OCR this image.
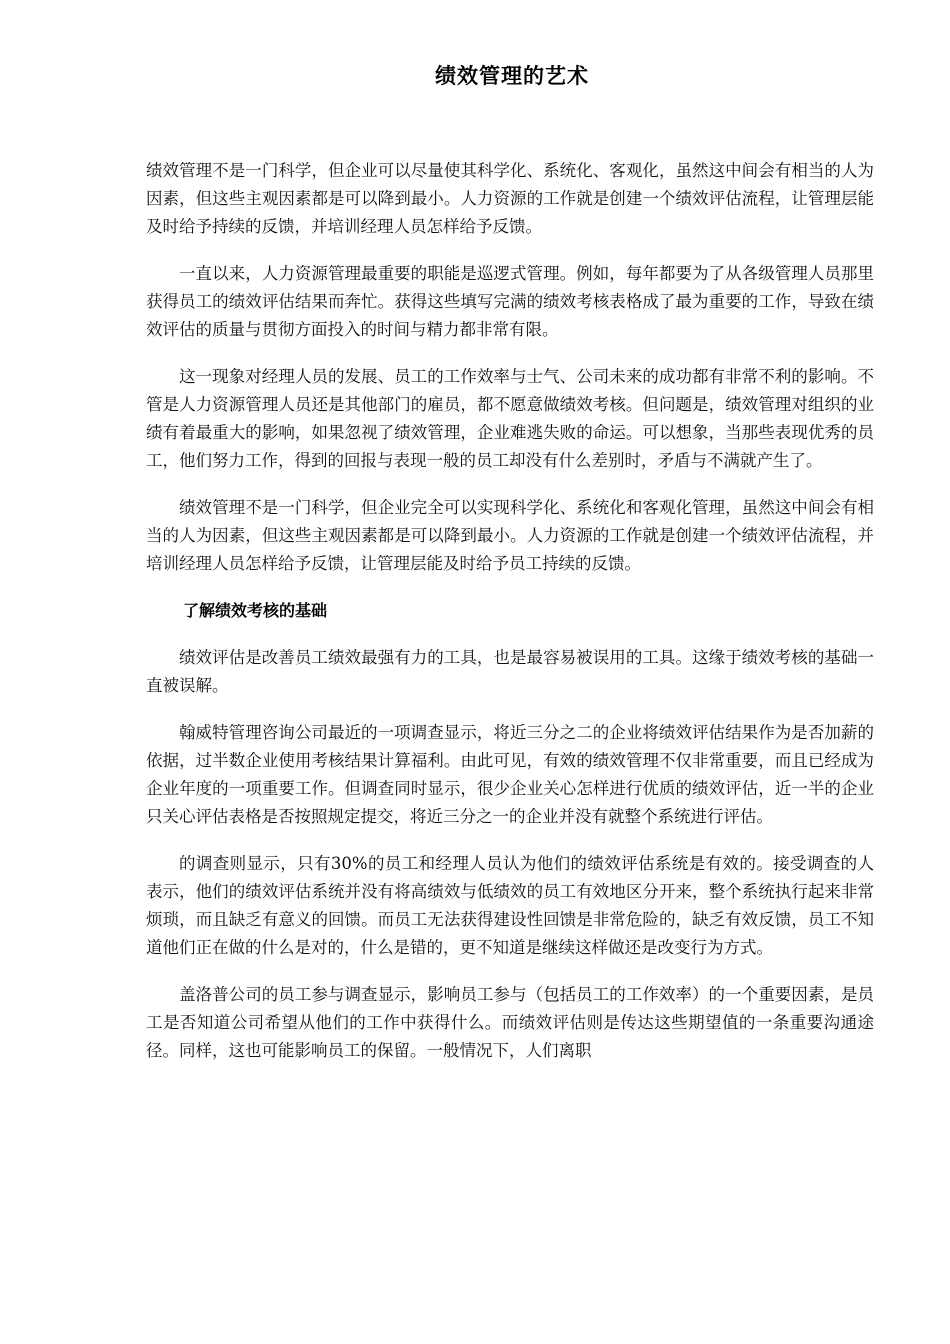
绩效管理的艺术

绩效管理不是一门科学，但企业可以尽量使其科学化、系统化、客观化，虽然这中间会有相当的人为因素，但这些主观因素都是可以降到最小。人力资源的工作就是创建一个绩效评估流程，让管理层能及时给予持续的反馈，并培训经理人员怎样给予反馈。

一直以来，人力资源管理最重要的职能是巡逻式管理。例如，每年都要为了从各级管理人员那里获得员工的绩效评估结果而奔忙。获得这些填写完满的绩效考核表格成了最为重要的工作，导致在绩效评估的质量与贯彻方面投入的时间与精力都非常有限。

这一现象对经理人员的发展、员工的工作效率与士气、公司未来的成功都有非常不利的影响。不管是人力资源管理人员还是其他部门的雇员，都不愿意做绩效考核。但问题是，绩效管理对组织的业绩有着最重大的影响，如果忽视了绩效管理，企业难逃失败的命运。可以想象，当那些表现优秀的员工，他们努力工作，得到的回报与表现一般的员工却没有什么差别时，矛盾与不满就产生了。

绩效管理不是一门科学，但企业完全可以实现科学化、系统化和客观化管理，虽然这中间会有相当的人为因素，但这些主观因素都是可以降到最小。人力资源的工作就是创建一个绩效评估流程，并培训经理人员怎样给予反馈，让管理层能及时给予员工持续的反馈。

了解绩效考核的基础

绩效评估是改善员工绩效最强有力的工具，也是最容易被误用的工具。这缘于绩效考核的基础一直被误解。

翰威特管理咨询公司最近的一项调查显示，将近三分之二的企业将绩效评估结果作为是否加薪的依据，过半数企业使用考核结果计算福利。由此可见，有效的绩效管理不仅非常重要，而且已经成为企业年度的一项重要工作。但调查同时显示，很少企业关心怎样进行优质的绩效评估，近一半的企业只关心评估表格是否按照规定提交，将近三分之一的企业并没有就整个系统进行评估。

的调查则显示，只有30%的员工和经理人员认为他们的绩效评估系统是有效的。接受调查的人表示，他们的绩效评估系统并没有将高绩效与低绩效的员工有效地区分开来，整个系统执行起来非常烦琐，而且缺乏有意义的回馈。而员工无法获得建设性回馈是非常危险的，缺乏有效反馈，员工不知道他们正在做的什么是对的，什么是错的，更不知道是继续这样做还是改变行为方式。

盖洛普公司的员工参与调查显示，影响员工参与（包括员工的工作效率）的一个重要因素，是员工是否知道公司希望从他们的工作中获得什么。而绩效评估则是传达这些期望值的一条重要沟通途径。同样，这也可能影响员工的保留。一般情况下，人们离职
